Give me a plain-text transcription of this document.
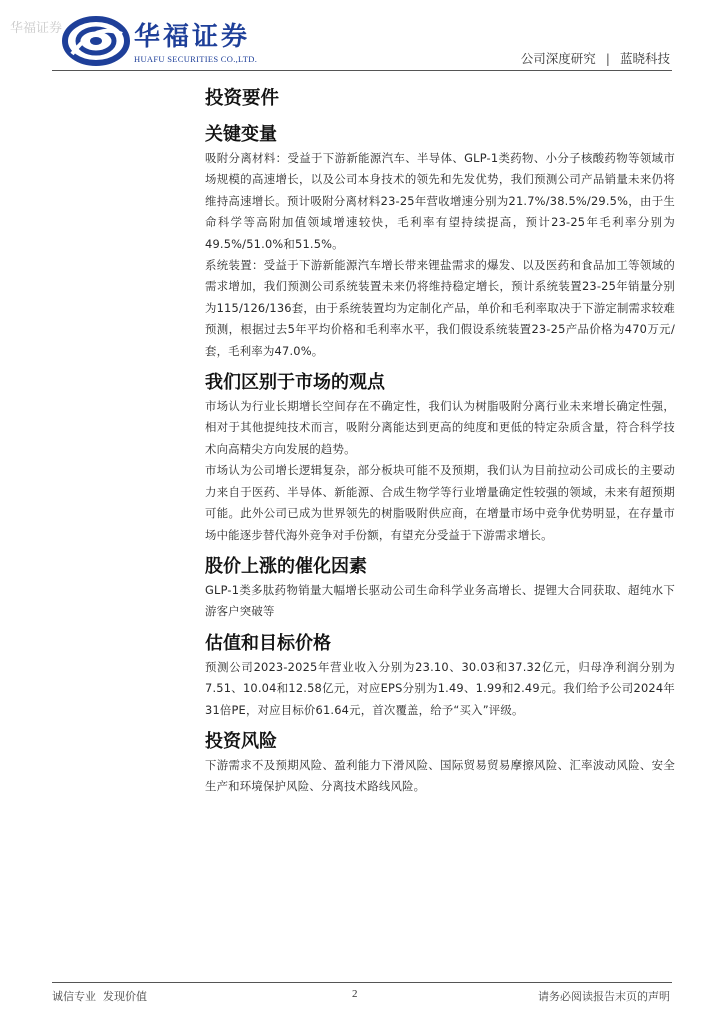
华福证券	华福证券
HUAFU SECURITIES CO.,LTD.	公司深度研究 | 蓝晓科技
投资要件
关键变量

吸附分离材料：受益于下游新能源汽车、半导体、GLP-1类药物、小分子核酸药物等领域市场规模的高速增长，以及公司本身技术的领先和先发优势，我们预测公司产品销量未来仍将维持高速增长。预计吸附分离材料23-25年营收增速分别为21.7%/38.5%/29.5%，由于生命科学等高附加值领域增速较快，毛利率有望持续提高，预计23-25年毛利率分别为49.5%/51.0%和51.5%。

系统装置：受益于下游新能源汽车增长带来锂盐需求的爆发、以及医药和食品加工等领域的需求增加，我们预测公司系统装置未来仍将维持稳定增长，预计系统装置23-25年销量分别为115/126/136套，由于系统装置均为定制化产品，单价和毛利率取决于下游定制需求较难预测，根据过去5年平均价格和毛利率水平，我们假设系统装置23-25产品价格为470万元/套，毛利率为47.0%。

我们区别于市场的观点

市场认为行业长期增长空间存在不确定性，我们认为树脂吸附分离行业未来增长确定性强，相对于其他提纯技术而言，吸附分离能达到更高的纯度和更低的特定杂质含量，符合科学技术向高精尖方向发展的趋势。

市场认为公司增长逻辑复杂，部分板块可能不及预期，我们认为目前拉动公司成长的主要动力来自于医药、半导体、新能源、合成生物学等行业增量确定性较强的领域，未来有超预期可能。此外公司已成为世界领先的树脂吸附供应商，在增量市场中竞争优势明显，在存量市场中能逐步替代海外竞争对手份额，有望充分受益于下游需求增长。

股价上涨的催化因素

GLP-1类多肽药物销量大幅增长驱动公司生命科学业务高增长、提锂大合同获取、超纯水下游客户突破等

估值和目标价格

预测公司2023-2025年营业收入分别为23.10、30.03和37.32亿元，归母净利润分别为7.51、10.04和12.58亿元，对应EPS分别为1.49、1.99和2.49元。我们给予公司2024年31倍PE，对应目标价61.64元，首次覆盖，给予“买入”评级。

投资风险

下游需求不及预期风险、盈利能力下滑风险、国际贸易贸易摩擦风险、汇率波动风险、安全生产和环境保护风险、分离技术路线风险。

诚信专业  发现价值	2	请务必阅读报告末页的声明
